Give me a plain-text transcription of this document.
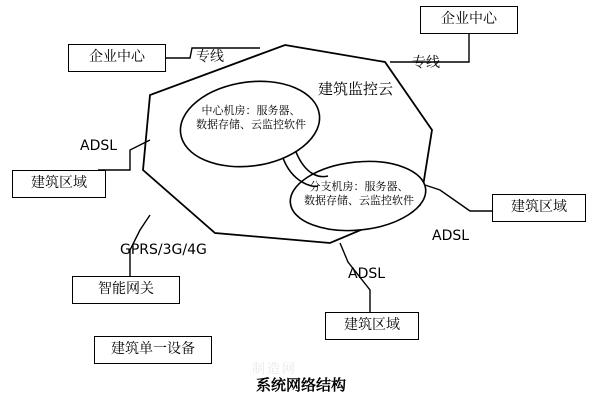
中心机房：服务器、
数据存储、云监控软件
分支机房：服务器、
数据存储、云监控软件
建筑监控云
企业中心
企业中心
建筑区域
建筑区域
建筑区域
智能网关
建筑单一设备
专线	专线
ADSL
ADSL
ADSL
GPRS/3G/4G
制造网
系统网络结构
